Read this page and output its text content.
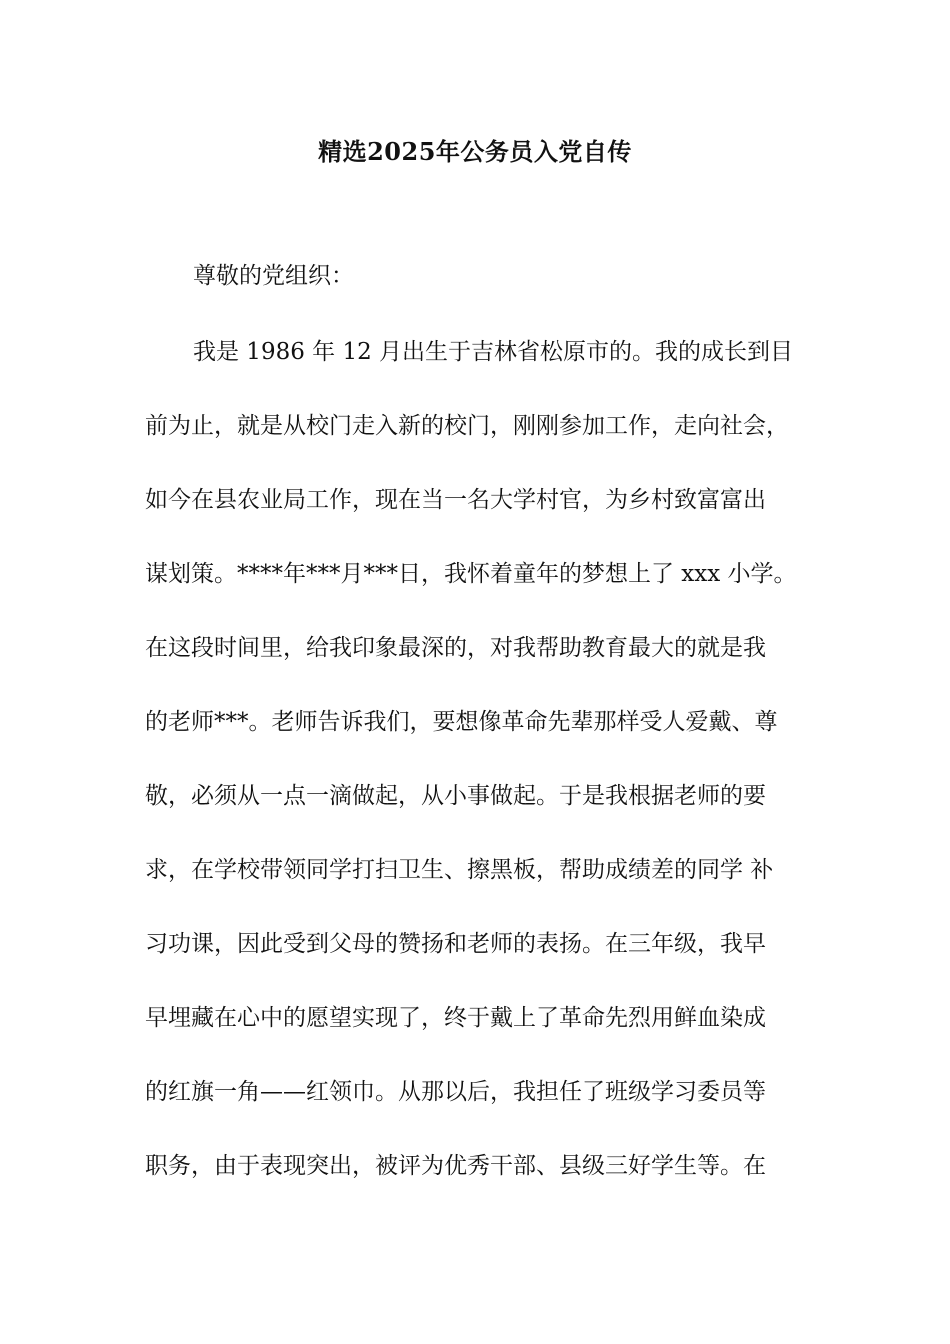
精选2025年公务员入党自传
尊敬的党组织：
我是 1986 年 12 月出生于吉林省松原市的。我的成长到目
前为止，就是从校门走入新的校门，刚刚参加工作，走向社会，
如今在县农业局工作，现在当一名大学村官，为乡村致富富出
谋划策。****年***月***日，我怀着童年的梦想上了 xxx 小学。
在这段时间里，给我印象最深的，对我帮助教育最大的就是我
的老师***。老师告诉我们，要想像革命先辈那样受人爱戴、尊
敬，必须从一点一滴做起，从小事做起。于是我根据老师的要
求，在学校带领同学打扫卫生、擦黑板，帮助成绩差的同学 补
习功课，因此受到父母的赞扬和老师的表扬。在三年级，我早
早埋藏在心中的愿望实现了，终于戴上了革命先烈用鲜血染成
的红旗一角——红领巾。从那以后，我担任了班级学习委员等
职务，由于表现突出，被评为优秀干部、县级三好学生等。在
